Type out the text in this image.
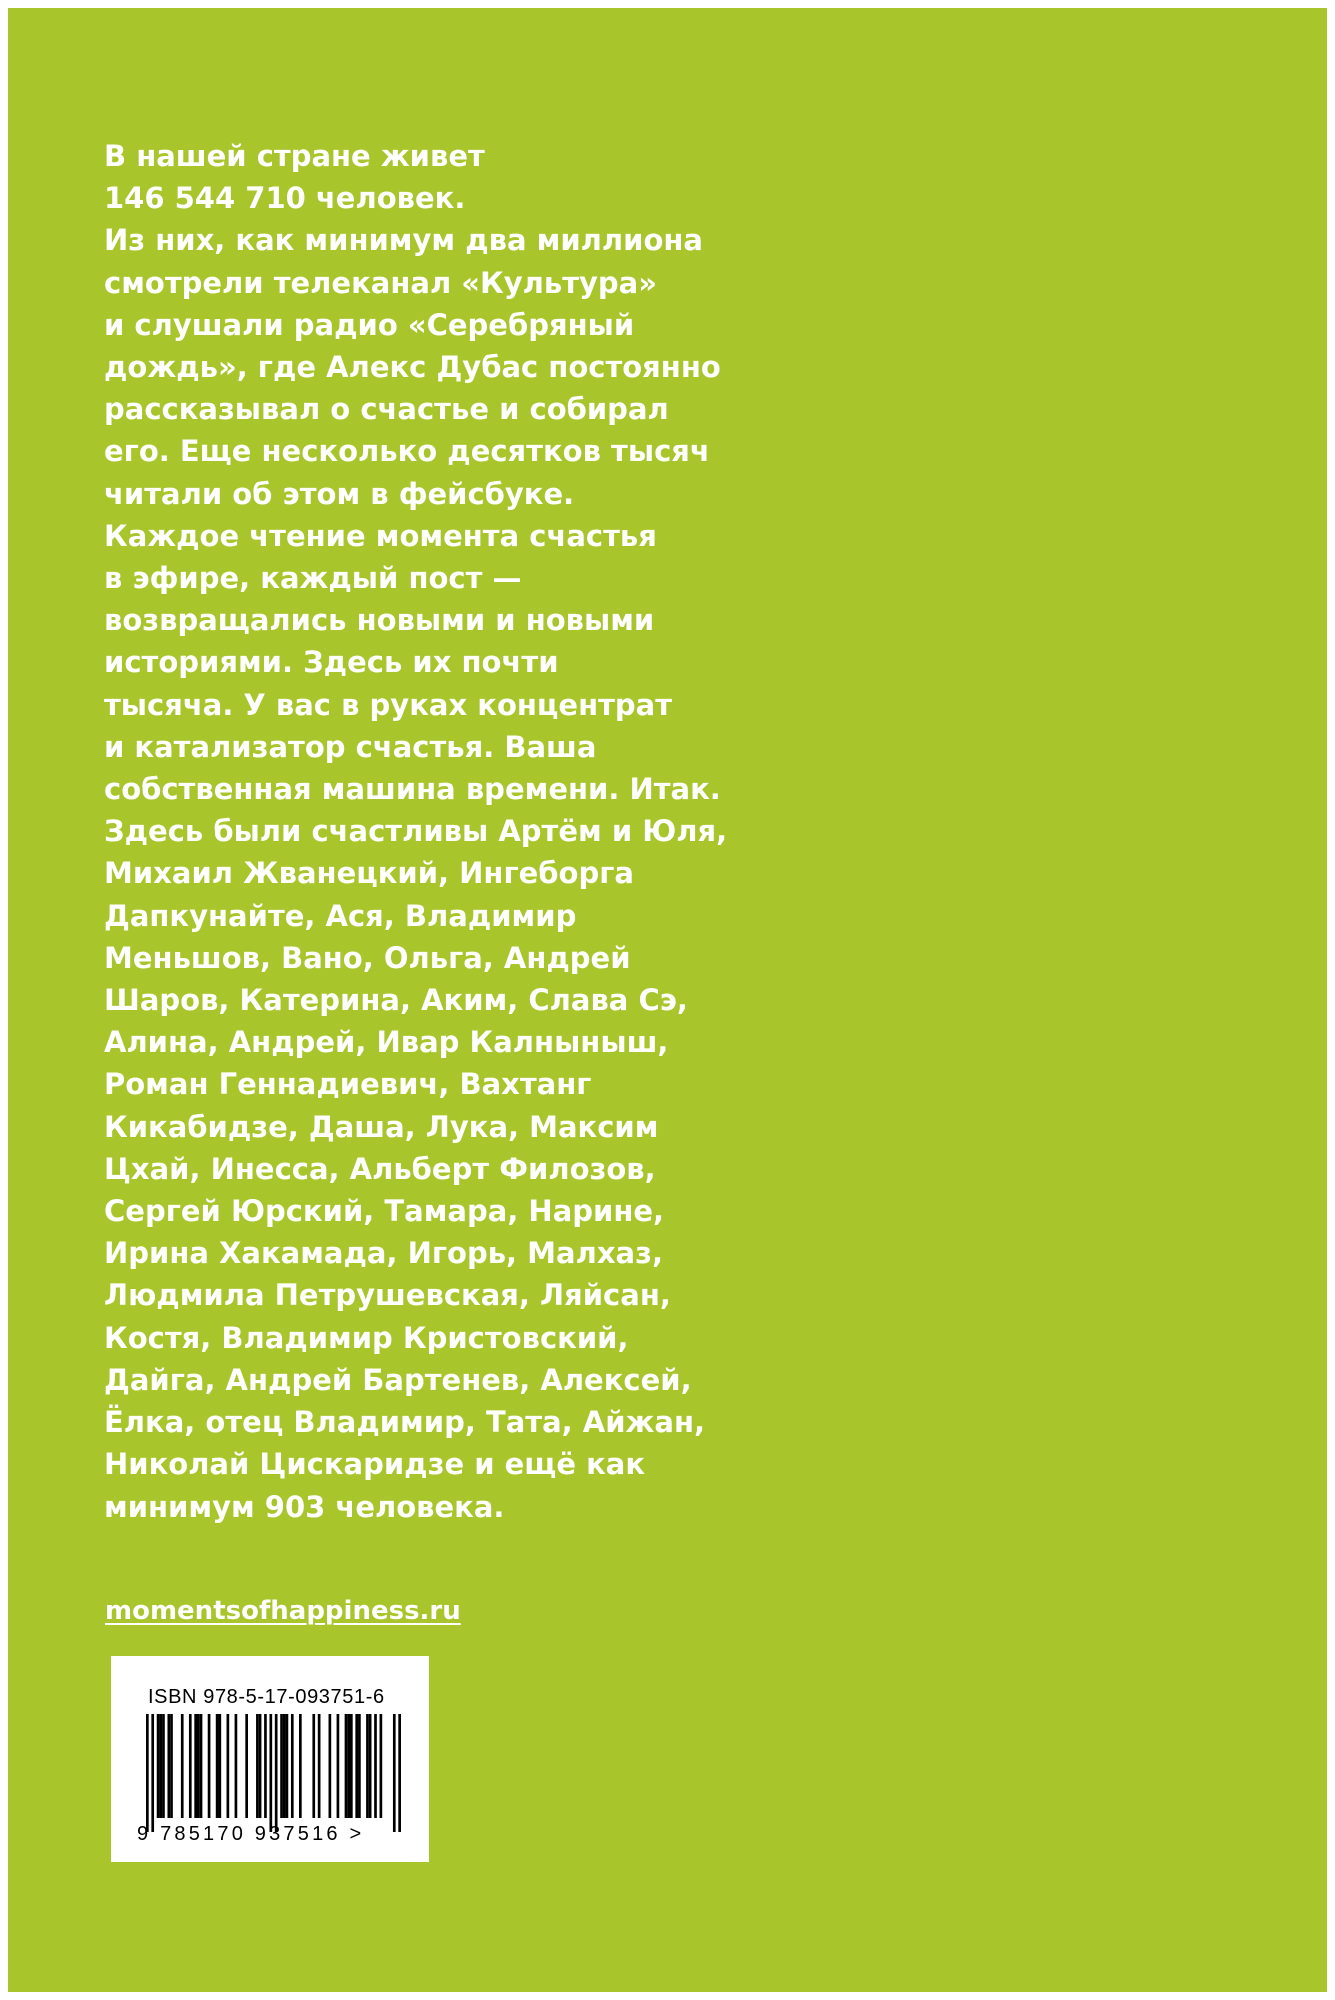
В нашей стране живет
146 544 710 человек.
Из них, как минимум два миллиона
смотрели телеканал «Культура»
и слушали радио «Серебряный
дождь», где Алекс Дубас постоянно
рассказывал о счастье и собирал
его. Еще несколько десятков тысяч
читали об этом в фейсбуке.
Каждое чтение момента счастья
в эфире, каждый пост —
возвращались новыми и новыми
историями. Здесь их почти
тысяча. У вас в руках концентрат
и катализатор счастья. Ваша
собственная машина времени. Итак.
Здесь были счастливы Артём и Юля,
Михаил Жванецкий, Ингеборга
Дапкунайте, Ася, Владимир
Меньшов, Вано, Ольга, Андрей
Шаров, Катерина, Аким, Слава Сэ,
Алина, Андрей, Ивар Калныныш,
Роман Геннадиевич, Вахтанг
Кикабидзе, Даша, Лука, Максим
Цхай, Инесса, Альберт Филозов,
Сергей Юрский, Тамара, Нарине,
Ирина Хакамада, Игорь, Малхаз,
Людмила Петрушевская, Ляйсан,
Костя, Владимир Кристовский,
Дайга, Андрей Бартенев, Алексей,
Ёлка, отец Владимир, Тата, Айжан,
Николай Цискаридзе и ещё как
минимум 903 человека.

momentsofhappiness.ru
ISBN 978-5-17-093751-6
9 785170 937516 >
